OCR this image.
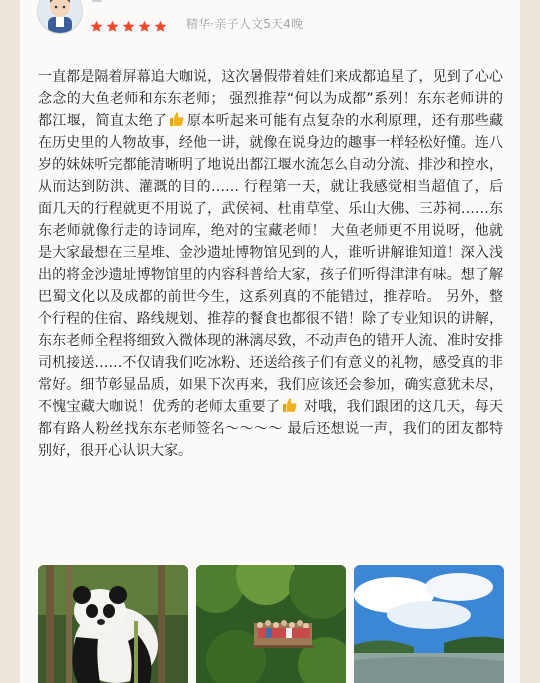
精华·亲子人文5天4晚
一直都是隔着屏幕追大咖说，这次暑假带着娃们来成都追星了，见到了心心念念的大鱼老师和东东老师； 强烈推荐“何以为成都”系列！东东老师讲的都江堰，简直太绝了 原本听起来可能有点复杂的水利原理，还有那些藏在历史里的人物故事，经他一讲，就像在说身边的趣事一样轻松好懂。连八岁的妹妹听完都能清晰明了地说出都江堰水流怎么自动分流、排沙和控水，从而达到防洪、灌溉的目的…… 行程第一天，就让我感觉相当超值了，后面几天的行程就更不用说了，武侯祠、杜甫草堂、乐山大佛、三苏祠……东东老师就像行走的诗词库，绝对的宝藏老师！ 大鱼老师更不用说呀，他就是大家最想在三星堆、金沙遗址博物馆见到的人，谁听讲解谁知道！深入浅出的将金沙遗址博物馆里的内容科普给大家，孩子们听得津津有味。想了解巴蜀文化以及成都的前世今生，这系列真的不能错过，推荐哈。 另外，整个行程的住宿、路线规划、推荐的餐食也都很不错！除了专业知识的讲解，东东老师全程将细致入微体现的淋漓尽致，不动声色的错开人流、准时安排司机接送……不仅请我们吃冰粉、还送给孩子们有意义的礼物，感受真的非常好。细节彰显品质，如果下次再来，我们应该还会参加，确实意犹未尽，不愧宝藏大咖说！优秀的老师太重要了 对哦，我们跟团的这几天，每天都有路人粉丝找东东老师签名～～～～ 最后还想说一声，我们的团友都特别好，很开心认识大家。
